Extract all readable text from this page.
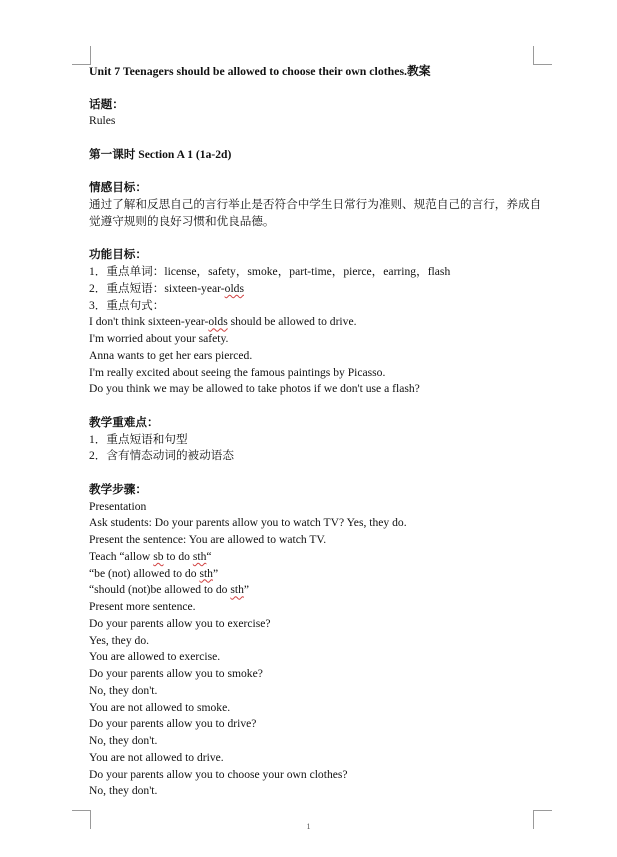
Unit 7 Teenagers should be allowed to choose their own clothes.教案
话题：
Rules
第一课时 Section A 1 (1a-2d)
情感目标：
通过了解和反思自己的言行举止是否符合中学生日常行为准则、规范自己的言行，养成自觉遵守规则的良好习惯和优良品德。
功能目标：
1．重点单词：license，safety，smoke，part-time，pierce，earring，flash
2．重点短语：sixteen-year-olds
3．重点句式：
I don't think sixteen-year-olds should be allowed to drive.
I'm worried about your safety.
Anna wants to get her ears pierced.
I'm really excited about seeing the famous paintings by Picasso.
Do you think we may be allowed to take photos if we don't use a flash?
教学重难点：
1．重点短语和句型
2．含有情态动词的被动语态
教学步骤：
Presentation
Ask students: Do your parents allow you to watch TV? Yes, they do.
Present the sentence: You are allowed to watch TV.
Teach “allow sb to do sth“
“be (not) allowed to do sth”
“should (not)be allowed to do sth”
Present more sentence.
Do your parents allow you to exercise?
Yes, they do.
You are allowed to exercise.
Do your parents allow you to smoke?
No, they don't.
You are not allowed to smoke.
Do your parents allow you to drive?
No, they don't.
You are not allowed to drive.
Do your parents allow you to choose your own clothes?
No, they don't.
1
